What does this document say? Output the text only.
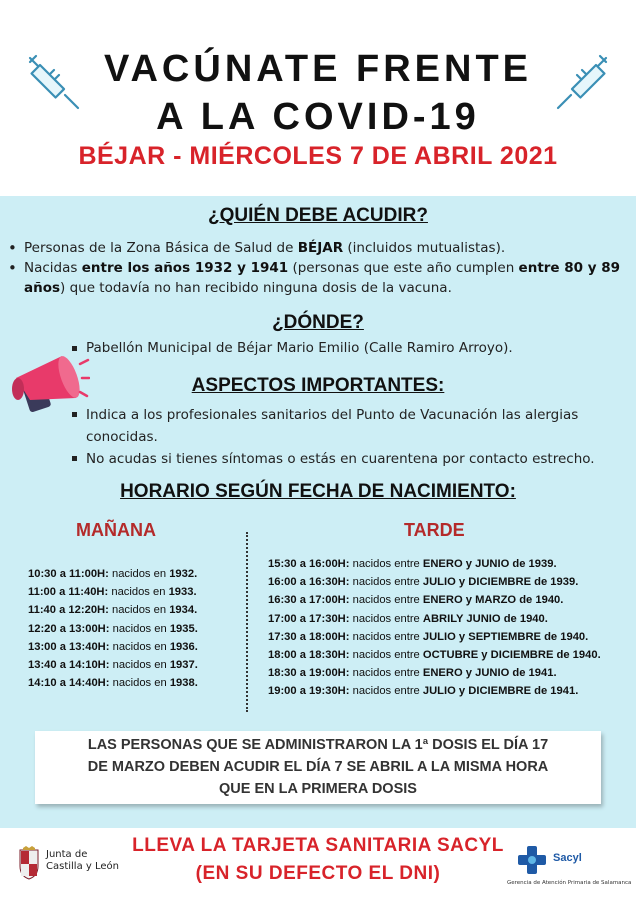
VACÚNATE FRENTE
A LA COVID-19
BÉJAR - MIÉRCOLES 7 DE ABRIL 2021
¿QUIÉN DEBE ACUDIR?
• Personas de la Zona Básica de Salud de BÉJAR (incluidos mutualistas).
• Nacidas entre los años 1932 y 1941 (personas que este año cumplen entre 80 y 89 años) que todavía no han recibido ninguna dosis de la vacuna.
¿DÓNDE?
Pabellón Municipal de Béjar Mario Emilio (Calle Ramiro Arroyo).
ASPECTOS IMPORTANTES:
Indica a los profesionales sanitarios del Punto de Vacunación las alergias conocidas.
No acudas si tienes síntomas o estás en cuarentena por contacto estrecho.
HORARIO SEGÚN FECHA DE NACIMIENTO:
MAÑANA	TARDE
10:30 a 11:00H: nacidos en 1932.
11:00 a 11:40H: nacidos en 1933.
11:40 a 12:20H: nacidos en 1934.
12:20 a 13:00H: nacidos en 1935.
13:00 a 13:40H: nacidos en 1936.
13:40 a 14:10H: nacidos en 1937.
14:10 a 14:40H: nacidos en 1938.
15:30 a 16:00H: nacidos entre ENERO y JUNIO de 1939.
16:00 a 16:30H: nacidos entre JULIO y DICIEMBRE de 1939.
16:30 a 17:00H: nacidos entre ENERO y MARZO de 1940.
17:00 a 17:30H: nacidos entre ABRILY JUNIO de 1940.
17:30 a 18:00H: nacidos entre JULIO y SEPTIEMBRE de 1940.
18:00 a 18:30H: nacidos entre OCTUBRE y DICIEMBRE de 1940.
18:30 a 19:00H: nacidos entre ENERO y JUNIO de 1941.
19:00 a 19:30H: nacidos entre JULIO y DICIEMBRE de 1941.
LAS PERSONAS QUE SE ADMINISTRARON LA 1ª DOSIS EL DÍA 17
DE MARZO DEBEN ACUDIR EL DÍA 7 SE ABRIL A LA MISMA HORA
QUE EN LA PRIMERA DOSIS
Junta de
Castilla y León
LLEVA LA TARJETA SANITARIA SACYL
(EN SU DEFECTO EL DNI)
Sacyl
Gerencia de Atención Primaria de Salamanca
